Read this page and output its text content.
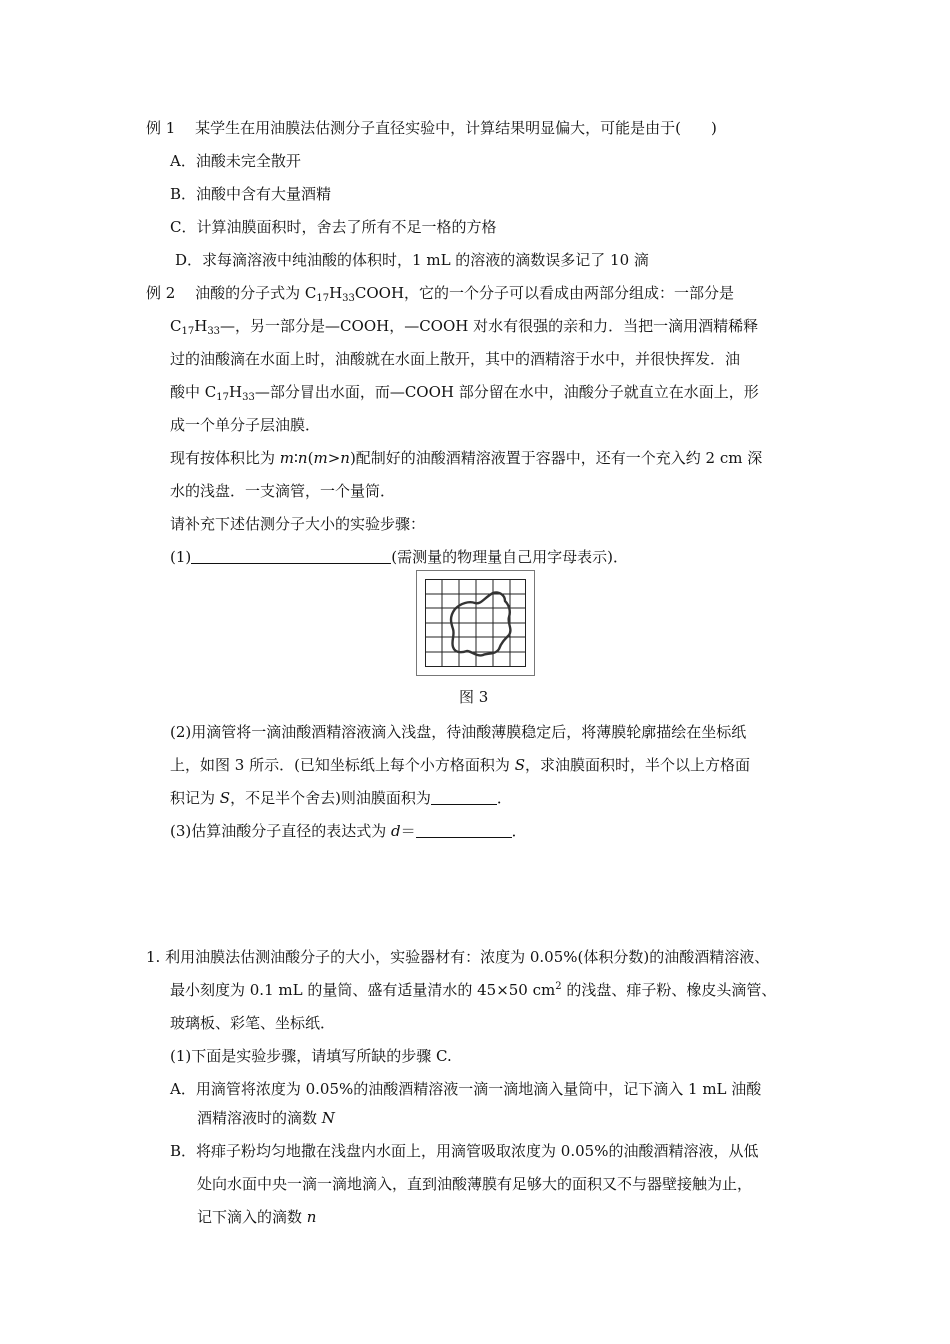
例 1　 某学生在用油膜法估测分子直径实验中，计算结果明显偏大，可能是由于(　　)
A．油酸未完全散开
B．油酸中含有大量酒精
C．计算油膜面积时，舍去了所有不足一格的方格
D．求每滴溶液中纯油酸的体积时，1 mL 的溶液的滴数误多记了 10 滴
例 2　 油酸的分子式为 $C_{17}H_{33}COOH$，它的一个分子可以看成由两部分组成：一部分是
$C_{17}H_{33}—$，另一部分是—COOH，—COOH 对水有很强的亲和力．当把一滴用酒精稀释
过的油酸滴在水面上时，油酸就在水面上散开，其中的酒精溶于水中，并很快挥发．油
酸中 $C_{17}H_{33}—$部分冒出水面，而—COOH 部分留在水中，油酸分子就直立在水面上，形
成一个单分子层油膜．
现有按体积比为 m∶n(m>n)配制好的油酸酒精溶液置于容器中，还有一个充入约 2 cm 深
水的浅盘．一支滴管，一个量筒．
请补充下述估测分子大小的实验步骤：
(1)	(需测量的物理量自己用字母表示)．
图 3
(2)用滴管将一滴油酸酒精溶液滴入浅盘，待油酸薄膜稳定后，将薄膜轮廓描绘在坐标纸
上，如图 3 所示．(已知坐标纸上每个小方格面积为 S，求油膜面积时，半个以上方格面
积记为 S，不足半个舍去)则油膜面积为	．
(3)估算油酸分子直径的表达式为 d＝	．
1. 利用油膜法估测油酸分子的大小，实验器材有：浓度为 0.05%(体积分数)的油酸酒精溶液、
最小刻度为 0.1 mL 的量筒、盛有适量清水的 45×50 $cm^2$ 的浅盘、痱子粉、橡皮头滴管、
玻璃板、彩笔、坐标纸．
(1)下面是实验步骤，请填写所缺的步骤 C.
A．用滴管将浓度为 0.05%的油酸酒精溶液一滴一滴地滴入量筒中，记下滴入 1 mL 油酸
酒精溶液时的滴数 N
B．将痱子粉均匀地撒在浅盘内水面上，用滴管吸取浓度为 0.05%的油酸酒精溶液，从低
处向水面中央一滴一滴地滴入，直到油酸薄膜有足够大的面积又不与器壁接触为止，
记下滴入的滴数 n
